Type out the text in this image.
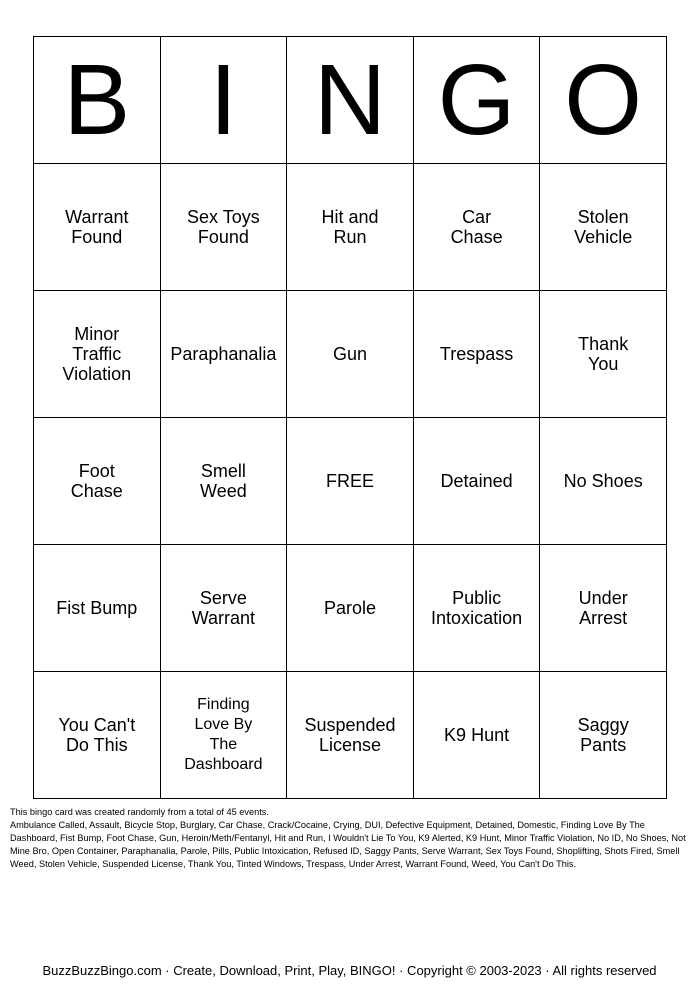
B	I	N	G	O
Warrant Found	Sex Toys Found	Hit and Run	Car Chase	Stolen Vehicle
Minor Traffic Violation	Paraphanalia	Gun	Trespass	Thank You
Foot Chase	Smell Weed	FREE	Detained	No Shoes
Fist Bump	Serve Warrant	Parole	Public Intoxication	Under Arrest
You Can't Do This	Finding Love By The Dashboard	Suspended License	K9 Hunt	Saggy Pants

This bingo card was created randomly from a total of 45 events.

Ambulance Called, Assault, Bicycle Stop, Burglary, Car Chase, Crack/Cocaine, Crying, DUI, Defective Equipment, Detained, Domestic, Finding Love By The Dashboard, Fist Bump, Foot Chase, Gun, Heroin/Meth/Fentanyl, Hit and Run, I Wouldn't Lie To You, K9 Alerted, K9 Hunt, Minor Traffic Violation, No ID, No Shoes, Not Mine Bro, Open Container, Paraphanalia, Parole, Pills, Public Intoxication, Refused ID, Saggy Pants, Serve Warrant, Sex Toys Found, Shoplifting, Shots Fired, Smell Weed, Stolen Vehicle, Suspended License, Thank You, Tinted Windows, Trespass, Under Arrest, Warrant Found, Weed, You Can't Do This.

BuzzBuzzBingo.com · Create, Download, Print, Play, BINGO! · Copyright © 2003-2023 · All rights reserved
